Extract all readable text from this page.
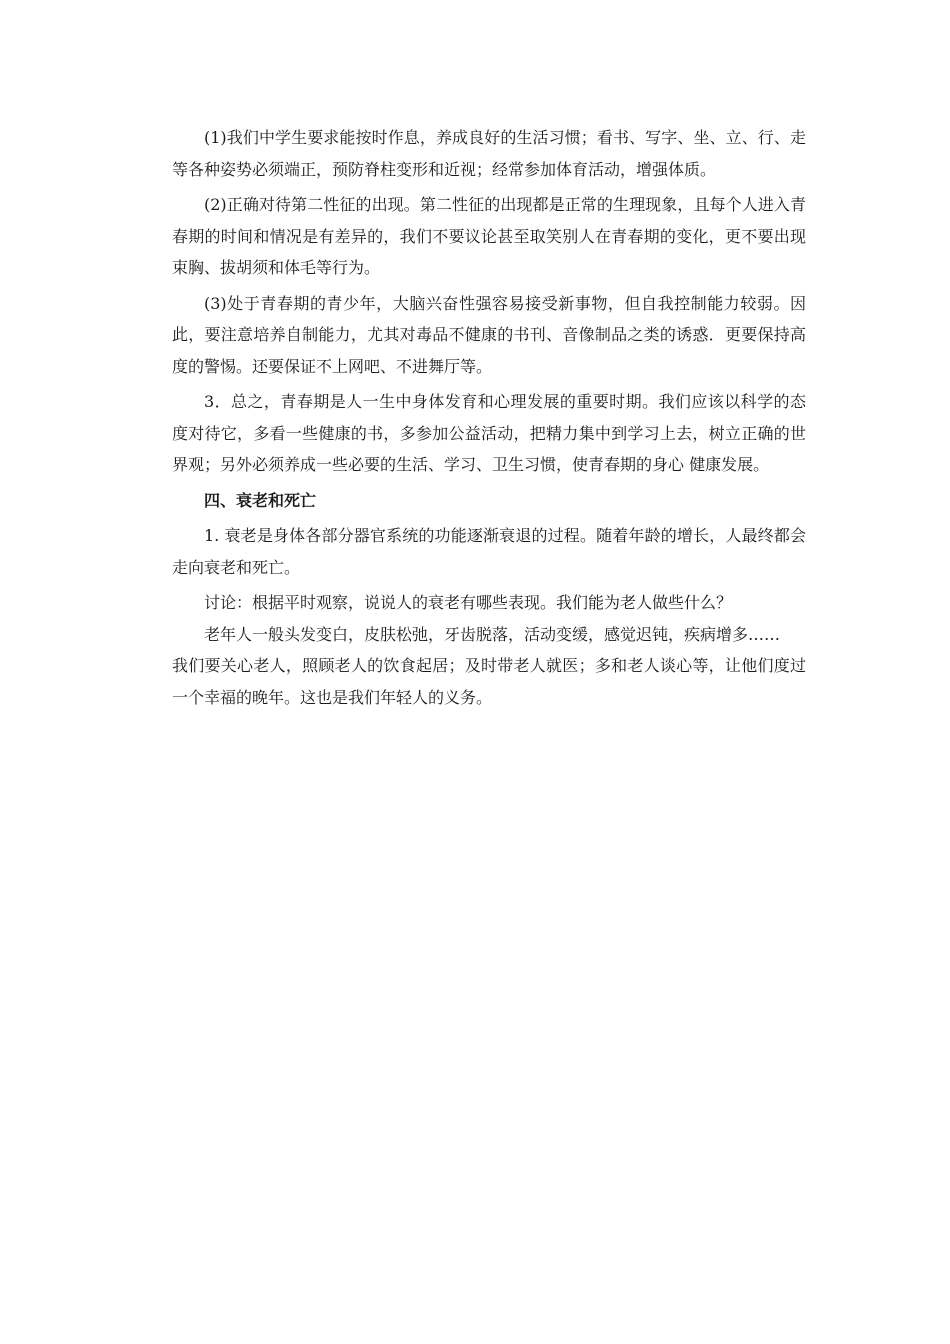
(1)我们中学生要求能按时作息，养成良好的生活习惯；看书、写字、坐、立、行、走等各种姿势必须端正，预防脊柱变形和近视；经常参加体育活动，增强体质。

(2)正确对待第二性征的出现。第二性征的出现都是正常的生理现象，且每个人进入青春期的时间和情况是有差异的，我们不要议论甚至取笑别人在青春期的变化，更不要出现束胸、拔胡须和体毛等行为。

(3)处于青春期的青少年，大脑兴奋性强容易接受新事物，但自我控制能力较弱。因此，要注意培养自制能力，尤其对毒品不健康的书刊、音像制品之类的诱惑．更要保持高度的警惕。还要保证不上网吧、不进舞厅等。

3．总之，青春期是人一生中身体发育和心理发展的重要时期。我们应该以科学的态度对待它，多看一些健康的书，多参加公益活动，把精力集中到学习上去，树立正确的世界观；另外必须养成一些必要的生活、学习、卫生习惯，使青春期的身心 健康发展。

四、衰老和死亡

1. 衰老是身体各部分器官系统的功能逐渐衰退的过程。随着年龄的增长，人最终都会走向衰老和死亡。

讨论：根据平时观察，说说人的衰老有哪些表现。我们能为老人做些什么？

老年人一般头发变白，皮肤松弛，牙齿脱落，活动变缓，感觉迟钝，疾病增多……

我们要关心老人，照顾老人的饮食起居；及时带老人就医；多和老人谈心等，让他们度过一个幸福的晚年。这也是我们年轻人的义务。
